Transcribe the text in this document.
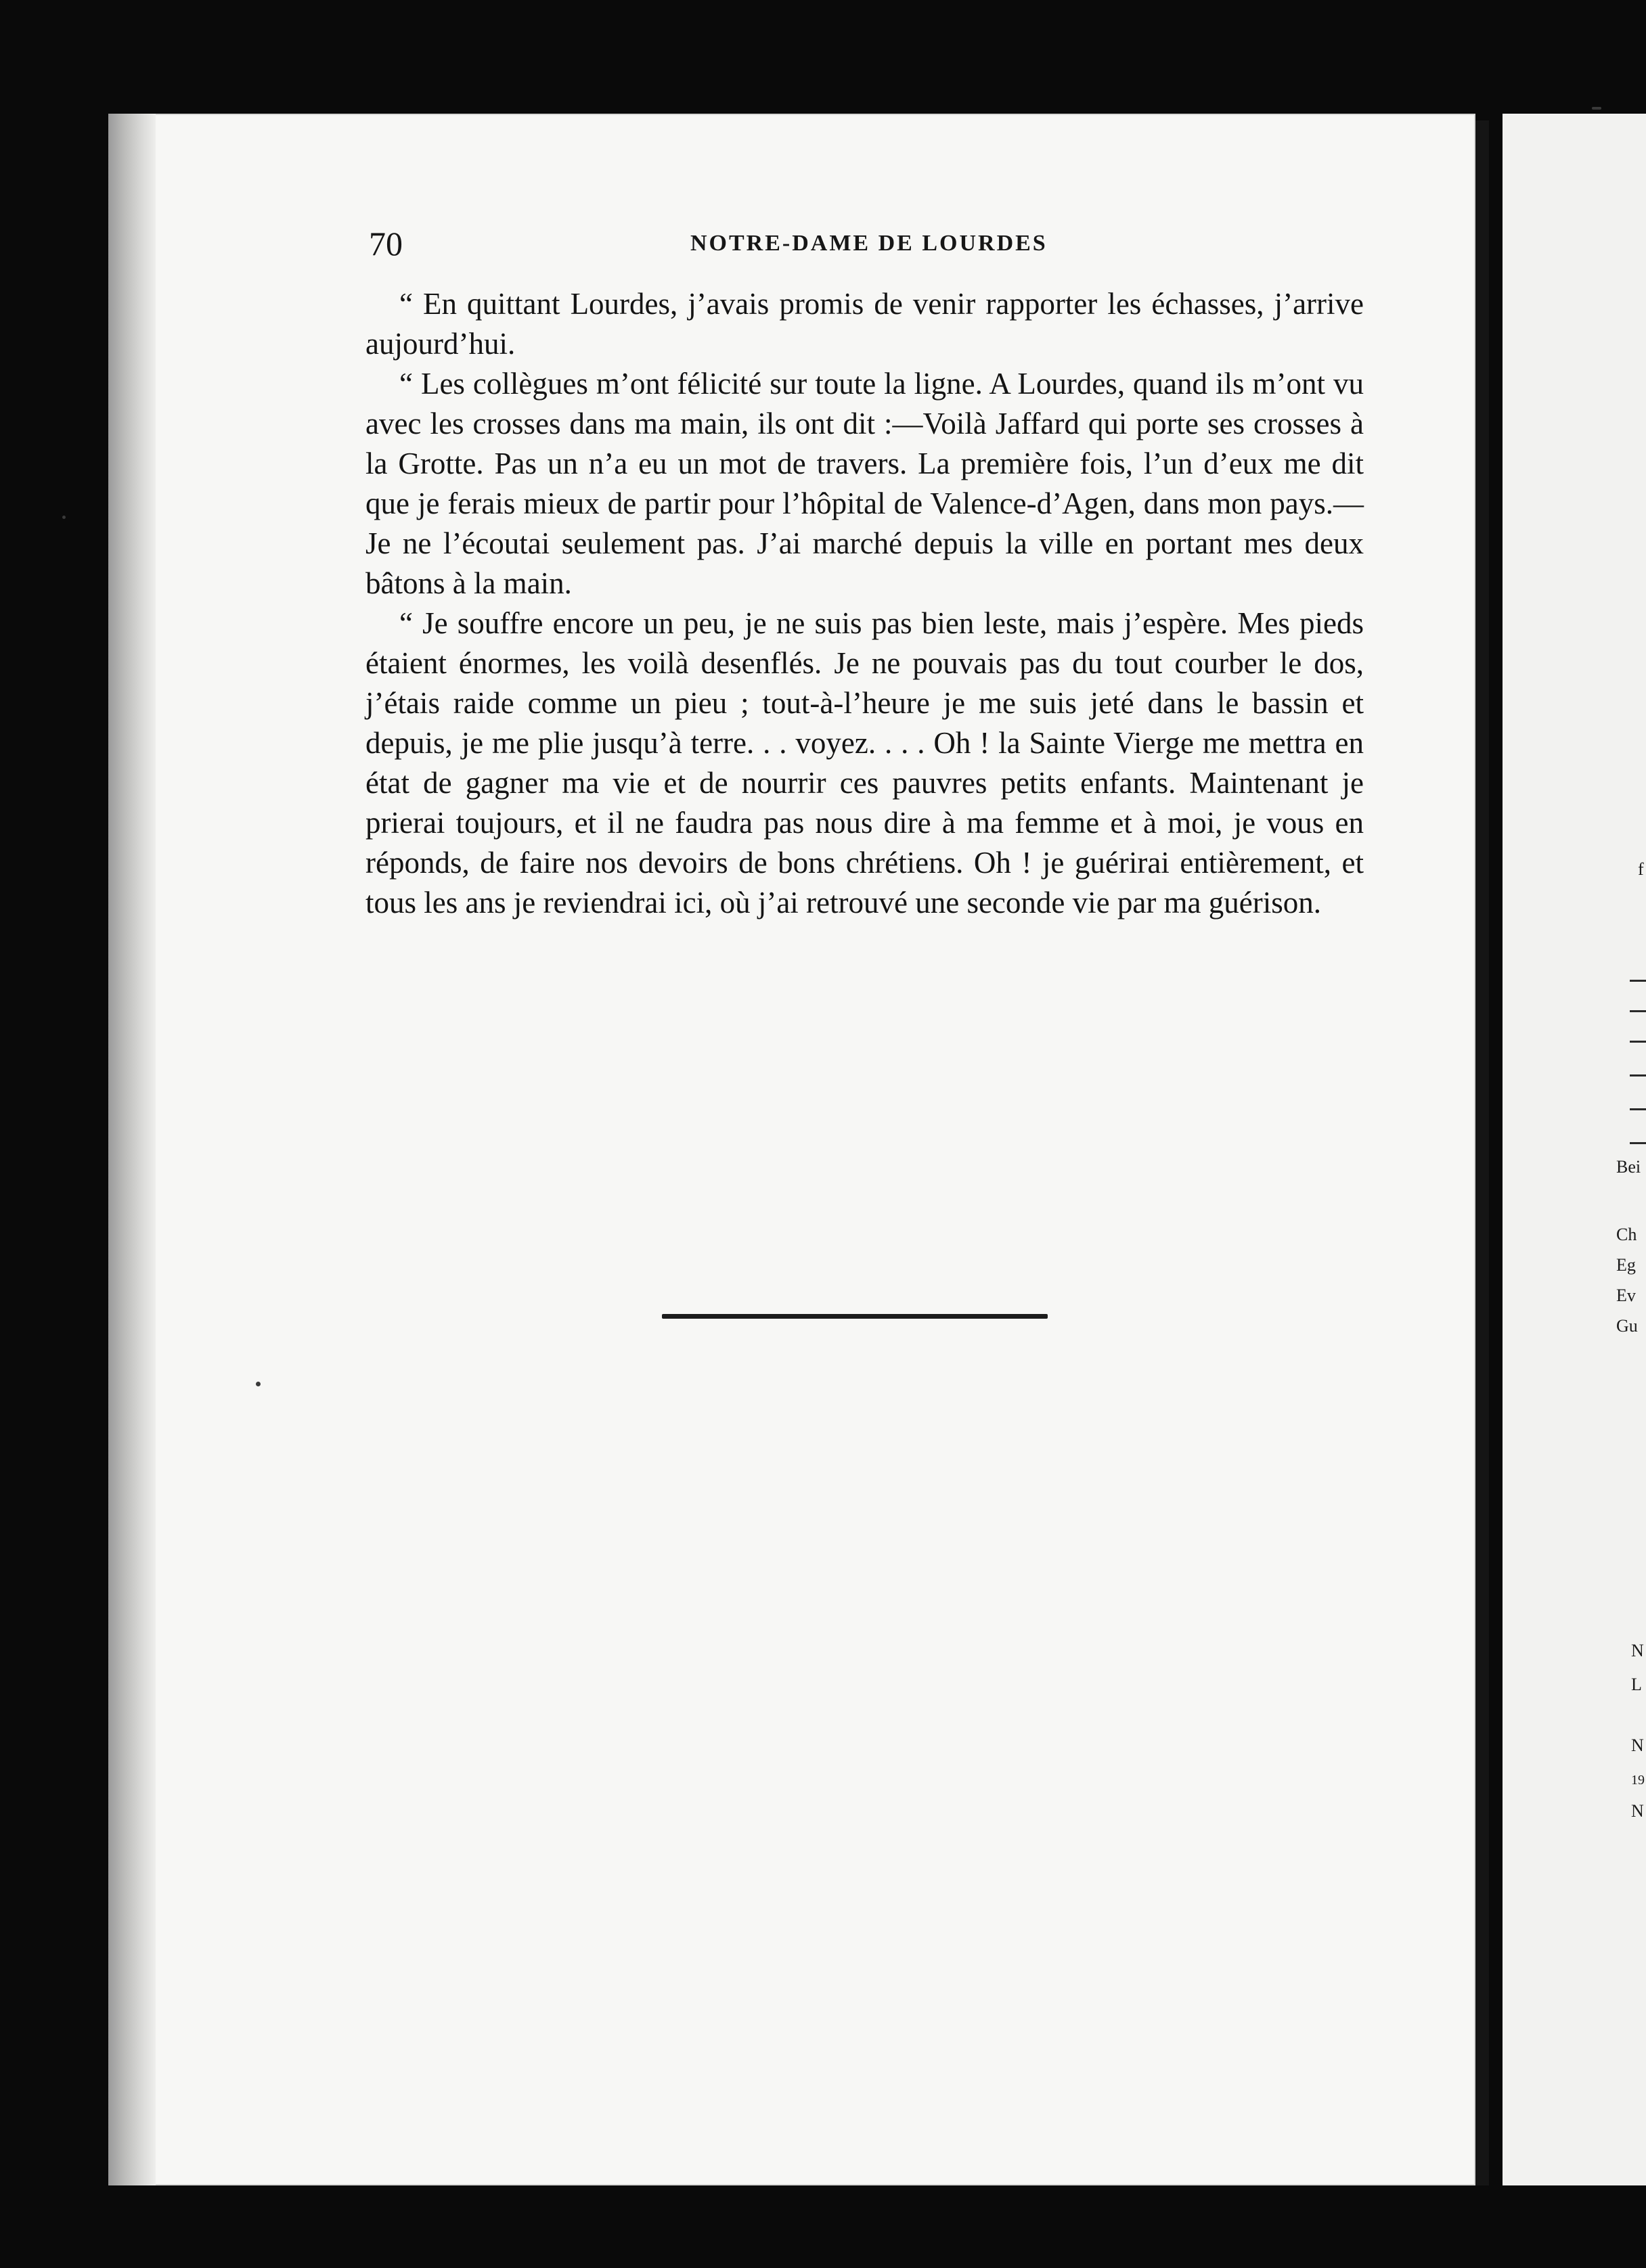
70	NOTRE-DAME DE LOURDES

“ En quittant Lourdes, j’avais promis de venir rapporter les échasses, j’arrive aujourd’hui.

“ Les collègues m’ont félicité sur toute la ligne. A Lourdes, quand ils m’ont vu avec les crosses dans ma main, ils ont dit :—Voilà Jaffard qui porte ses crosses à la Grotte. Pas un n’a eu un mot de travers. La première fois, l’un d’eux me dit que je ferais mieux de partir pour l’hôpital de Valence-d’Agen, dans mon pays.—Je ne l’écoutai seulement pas. J’ai marché depuis la ville en portant mes deux bâtons à la main.

“ Je souffre encore un peu, je ne suis pas bien leste, mais j’espère. Mes pieds étaient énormes, les voilà desenflés. Je ne pouvais pas du tout courber le dos, j’étais raide comme un pieu ; tout-à-l’heure je me suis jeté dans le bassin et depuis, je me plie jusqu’à terre. . . voyez. . . . Oh ! la Sainte Vierge me mettra en état de gagner ma vie et de nourrir ces pauvres petits enfants. Maintenant je prierai toujours, et il ne faudra pas nous dire à ma femme et à moi, je vous en réponds, de faire nos devoirs de bons chrétiens. Oh ! je guérirai entièrement, et tous les ans je reviendrai ici, où j’ai retrouvé une seconde vie par ma guérison.

f
Bei
Ch
Eg
Ev
Gu
N
L
N
19
N
